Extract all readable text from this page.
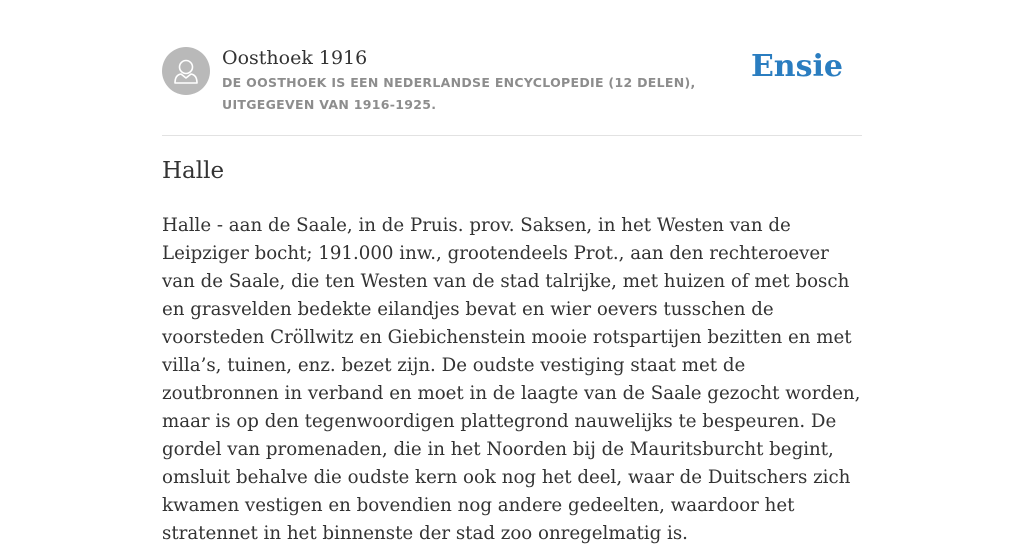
Oosthoek 1916
DE OOSTHOEK IS EEN NEDERLANDSE ENCYCLOPEDIE (12 DELEN), UITGEGEVEN VAN 1916-1925.
Ensie
Halle

Halle - aan de Saale, in de Pruis. prov. Saksen, in het Westen van de Leipziger bocht; 191.000 inw., grootendeels Prot., aan den rechteroever van de Saale, die ten Westen van de stad talrijke, met huizen of met bosch en grasvelden bedekte eilandjes bevat en wier oevers tusschen de voorsteden Cröllwitz en Giebichenstein mooie rotspartijen bezitten en met villa’s, tuinen, enz. bezet zijn. De oudste vestiging staat met de zoutbronnen in verband en moet in de laagte van de Saale gezocht worden, maar is op den tegenwoordigen plattegrond nauwelijks te bespeuren. De gordel van promenaden, die in het Noorden bij de Mauritsburcht begint, omsluit behalve die oudste kern ook nog het deel, waar de Duitschers zich kwamen vestigen en bovendien nog andere gedeelten, waardoor het stratennet in het binnenste der stad zoo onregelmatig is.
